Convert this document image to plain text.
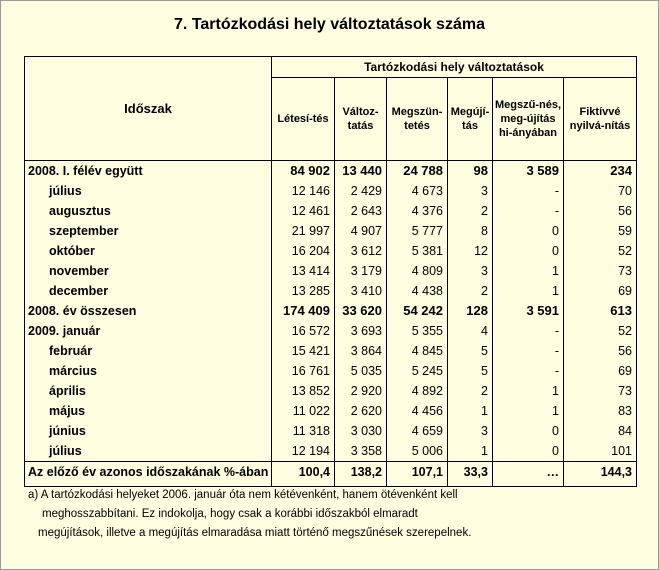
7. Tartózkodási hely változtatások száma
Időszak	Tartózkodási hely változtatások					
	Létesí-tés	Változ-tatás	Megszün-tetés	Megújí-tás	Megszű-nés, meg-újítás hi-ányában	Fiktívvé nyilvá-nítás
2008. I. félév együtt	84 902	13 440	24 788	98	3 589	234
július	12 146	2 429	4 673	3	-	70
augusztus	12 461	2 643	4 376	2	-	56
szeptember	21 997	4 907	5 777	8	0	59
október	16 204	3 612	5 381	12	0	52
november	13 414	3 179	4 809	3	1	73
december	13 285	3 410	4 438	2	1	69
2008. év összesen	174 409	33 620	54 242	128	3 591	613
2009. január	16 572	3 693	5 355	4	-	52
február	15 421	3 864	4 845	5	-	56
március	16 761	5 035	5 245	5	-	69
április	13 852	2 920	4 892	2	1	73
május	11 022	2 620	4 456	1	1	83
június	11 318	3 030	4 659	3	0	84
július	12 194	3 358	5 006	1	0	101
Az előző év azonos időszakának %-ában	100,4	138,2	107,1	33,3	…	144,3
a) A tartózkodási helyeket 2006. január óta nem kétévenként, hanem ötévenként kell
meghosszabbítani. Ez indokolja, hogy csak a korábbi időszakból elmaradt
megújítások, illetve a megújítás elmaradása miatt történő megszűnések szerepelnek.
